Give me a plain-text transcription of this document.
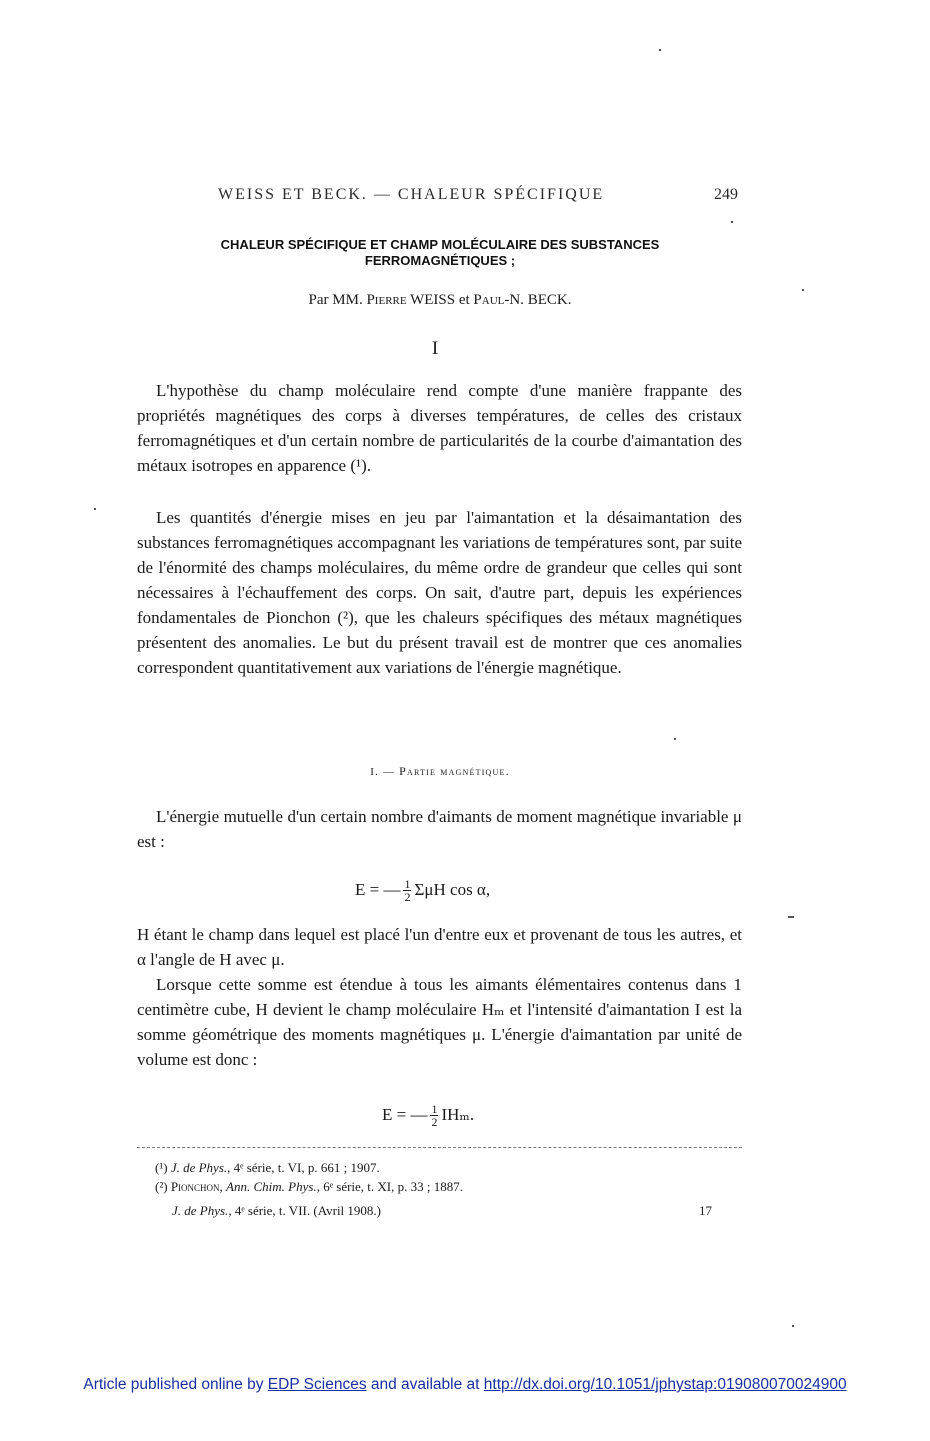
WEISS ET BECK. — CHALEUR SPÉCIFIQUE	249
CHALEUR SPÉCIFIQUE ET CHAMP MOLÉCULAIRE DES SUBSTANCES
FERROMAGNÉTIQUES ;
Par MM. Pierre WEISS et Paul-N. BECK.
I

L'hypothèse du champ moléculaire rend compte d'une manière frappante des propriétés magnétiques des corps à diverses températures, de celles des cristaux ferromagnétiques et d'un certain nombre de particularités de la courbe d'aimantation des métaux isotropes en apparence (¹).

Les quantités d'énergie mises en jeu par l'aimantation et la désaimantation des substances ferromagnétiques accompagnant les variations de températures sont, par suite de l'énormité des champs moléculaires, du même ordre de grandeur que celles qui sont nécessaires à l'échauffement des corps. On sait, d'autre part, depuis les expériences fondamentales de Pionchon (²), que les chaleurs spécifiques des métaux magnétiques présentent des anomalies. Le but du présent travail est de montrer que ces anomalies correspondent quantitativement aux variations de l'énergie magnétique.

I. — Partie magnétique.

L'énergie mutuelle d'un certain nombre d'aimants de moment magnétique invariable μ est :

E = — $\frac{1}{2}$ ΣμH cos α,

H étant le champ dans lequel est placé l'un d'entre eux et provenant de tous les autres, et α l'angle de H avec μ.

Lorsque cette somme est étendue à tous les aimants élémentaires contenus dans 1 centimètre cube, H devient le champ moléculaire Hₘ et l'intensité d'aimantation I est la somme géométrique des moments magnétiques μ. L'énergie d'aimantation par unité de volume est donc :

E = — $\frac{1}{2} IH_m$.
(¹) J. de Phys., 4ᵉ série, t. VI, p. 661 ; 1907.
(²) Pionchon, Ann. Chim. Phys., 6ᵉ série, t. XI, p. 33 ; 1887.
J. de Phys., 4ᵉ série, t. VII. (Avril 1908.)	17
Article published online by EDP Sciences and available at http://dx.doi.org/10.1051/jphystap:019080070024900
